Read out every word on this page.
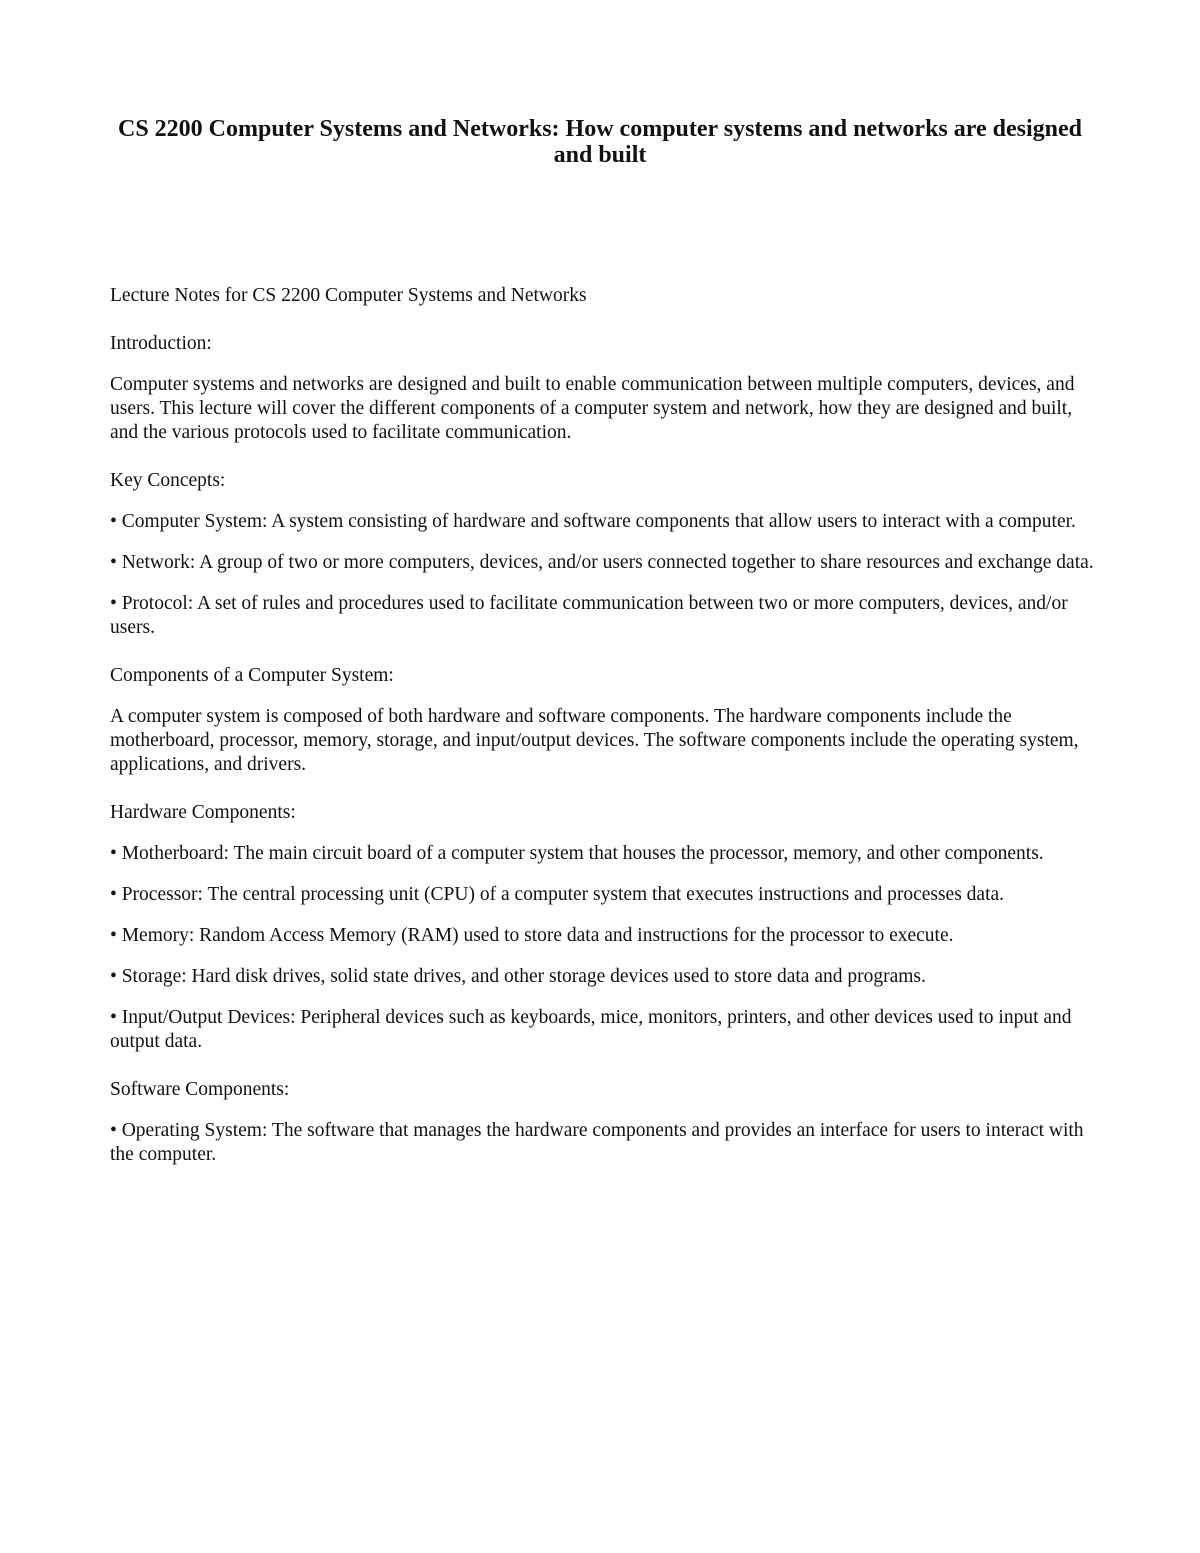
CS 2200 Computer Systems and Networks: How computer systems and networks are designed and built

Lecture Notes for CS 2200 Computer Systems and Networks

Introduction:

Computer systems and networks are designed and built to enable communication between multiple computers, devices, and users. This lecture will cover the different components of a computer system and network, how they are designed and built, and the various protocols used to facilitate communication.

Key Concepts:

• Computer System: A system consisting of hardware and software components that allow users to interact with a computer.

• Network: A group of two or more computers, devices, and/or users connected together to share resources and exchange data.

• Protocol: A set of rules and procedures used to facilitate communication between two or more computers, devices, and/or users.

Components of a Computer System:

A computer system is composed of both hardware and software components. The hardware components include the motherboard, processor, memory, storage, and input/output devices. The software components include the operating system, applications, and drivers.

Hardware Components:

• Motherboard: The main circuit board of a computer system that houses the processor, memory, and other components.

• Processor: The central processing unit (CPU) of a computer system that executes instructions and processes data.

• Memory: Random Access Memory (RAM) used to store data and instructions for the processor to execute.

• Storage: Hard disk drives, solid state drives, and other storage devices used to store data and programs.

• Input/Output Devices: Peripheral devices such as keyboards, mice, monitors, printers, and other devices used to input and output data.

Software Components:

• Operating System: The software that manages the hardware components and provides an interface for users to interact with the computer.
